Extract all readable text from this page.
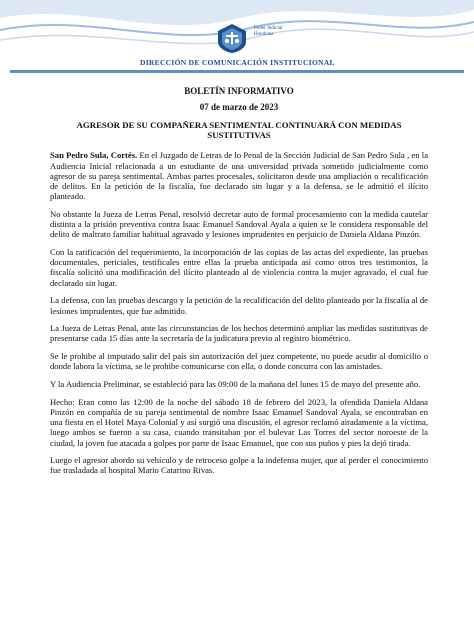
Poder Judicial
Honduras
DIRECCIÓN DE COMUNICACIÓN INSTITUCIONAL
BOLETÍN INFORMATIVO
07 de marzo de 2023
AGRESOR DE SU COMPAÑERA SENTIMENTAL CONTINUARÁ CON MEDIDAS SUSTITUTIVAS

San Pedro Sula, Cortés. En el Juzgado de Letras de lo Penal de la Sección Judicial de San Pedro Sula , en la Audiencia Inicial relacionada a un estudiante de una universidad privada sometido judicialmente como agresor de su pareja sentimental. Ambas partes procesales, solicitaron desde una ampliación o recalificación de delitos. En la petición de la fiscalía, fue declarado sin lugar y a la defensa, se le admitió el ilícito planteado.

No obstante la Jueza de Letras Penal, resolvió decretar auto de formal procesamiento con la medida cautelar distinta a la prisión preventiva contra Isaac Emanuel Sandoval Ayala a quien se le considera responsable del delito de maltrato familiar habitual agravado y lesiones imprudentes en perjuicio de Daniela Aldana Pinzón.

Con la ratificación del requerimiento, la incorporación de las copias de las actas del expediente, las pruebas documentales, periciales, testificales entre ellas la prueba anticipada así como otros tres testimonios, la fiscalía solicitó una modificación del ilícito planteado al de violencia contra la mujer agravado, el cual fue declarado sin lugar.

La defensa, con las pruebas descargo y la petición de la recalificación del delito planteado por la fiscalía al de lesiones imprudentes, que fue admitido.

La Jueza de Letras Penal, ante las circunstancias de los hechos determinó ampliar las medidas sustitutivas de presentarse cada 15 días ante la secretaría de la judicatura previo al registro biométrico.

Se le prohibe al imputado salir del país sin autorización del juez competente, no puede acudir al domicilio o donde labora la víctima, se le prohibe comunicarse con ella, o donde concurra con las amistades.

Y la Audiencia Preliminar, se estableció para las 09:00 de la mañana del lunes 15 de mayo del presente año.

Hecho: Eran como las 12:00 de la noche del sábado 18 de febrero del 2023, la ofendida Daniela Aldana Pinzón en compañía de su pareja sentimental de nombre Isaac Emanuel Sandoval Ayala, se encontraban en una fiesta en el Hotel Maya Colonial y así surgió una discusión, el agresor reclamó airadamente a la víctima, luego ambos se fueron a su casa, cuando transitaban por el bulevar Las Torres del sector noroeste de la ciudad, la joven fue atacada a golpes por parte de Isaac Emanuel, que con sus puños y pies la dejó tirada.

Luego el agresor abordo su vehículo y de retroceso golpe a la indefensa mujer, que al perder el conocimiento fue trasladada al hospital Mario Catarino Rivas.
